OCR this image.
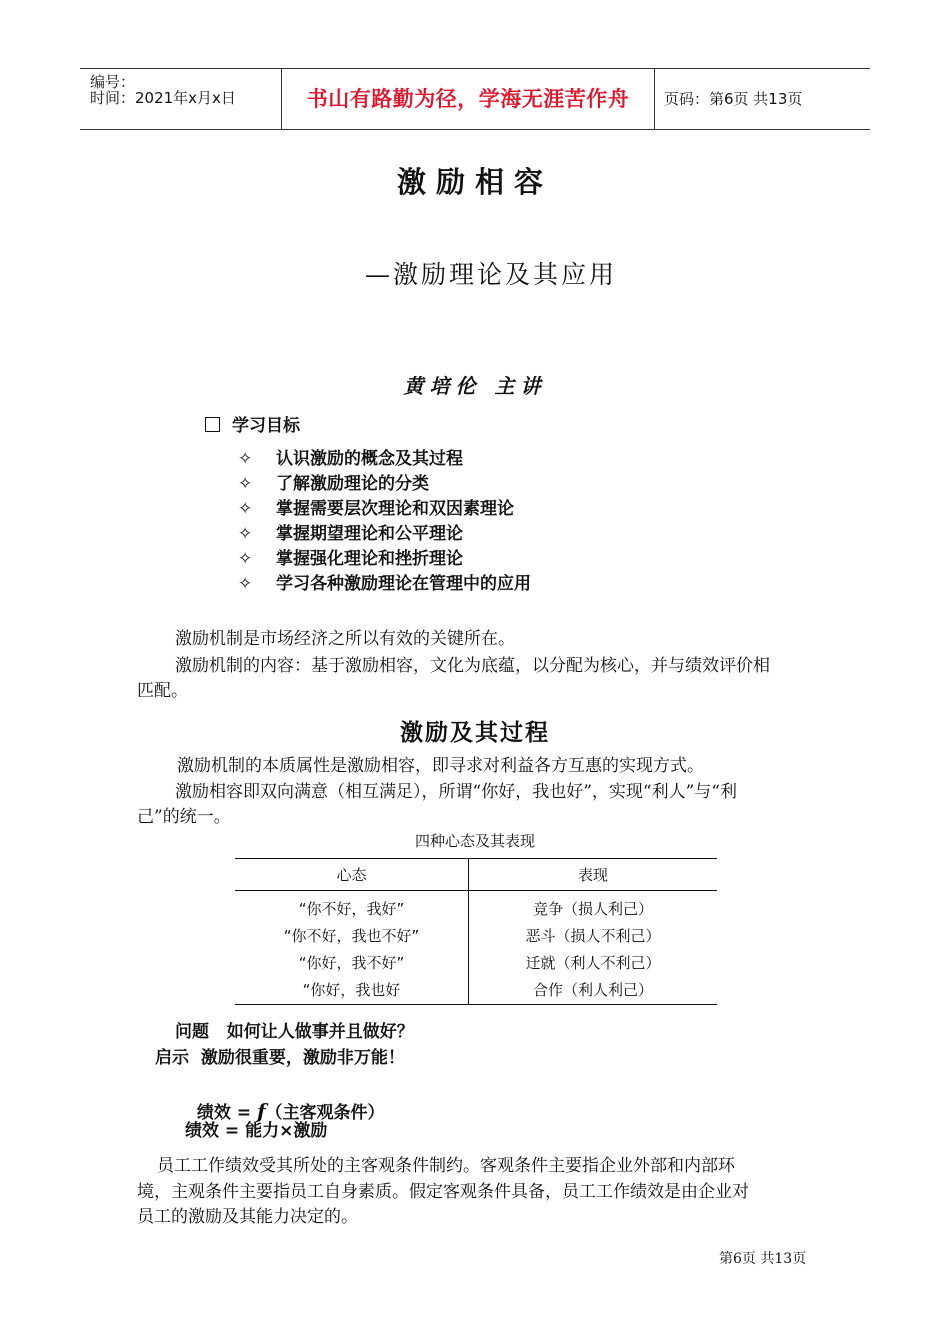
编号：
时间：2021年x月x日	书山有路勤为径，学海无涯苦作舟	页码：第6页 共13页
激励相容
—激励理论及其应用
黄培伦 主讲
学习目标
✧ 认识激励的概念及其过程
✧ 了解激励理论的分类
✧ 掌握需要层次理论和双因素理论
✧ 掌握期望理论和公平理论
✧ 掌握强化理论和挫折理论
✧ 学习各种激励理论在管理中的应用
激励机制是市场经济之所以有效的关键所在。
激励机制的内容：基于激励相容，文化为底蕴，以分配为核心，并与绩效评价相
匹配。
激励及其过程
激励机制的本质属性是激励相容，即寻求对利益各方互惠的实现方式。
激励相容即双向满意（相互满足），所谓“你好，我也好”，实现“利人”与“利
己”的统一。
四种心态及其表现
心态	表现
“你不好，我好”	竞争（损人利己）
“你不好，我也不好”	恶斗（损人不利己）
“你好，我不好”	迁就（利人不利己）
“你好，我也好	合作（利人利己）
问题   如何让人做事并且做好？
启示  激励很重要，激励非万能！

绩效 = f（主客观条件）

绩效 = 能力×激励
员工工作绩效受其所处的主客观条件制约。客观条件主要指企业外部和内部环
境，主观条件主要指员工自身素质。假定客观条件具备，员工工作绩效是由企业对
员工的激励及其能力决定的。
第6页 共13页
